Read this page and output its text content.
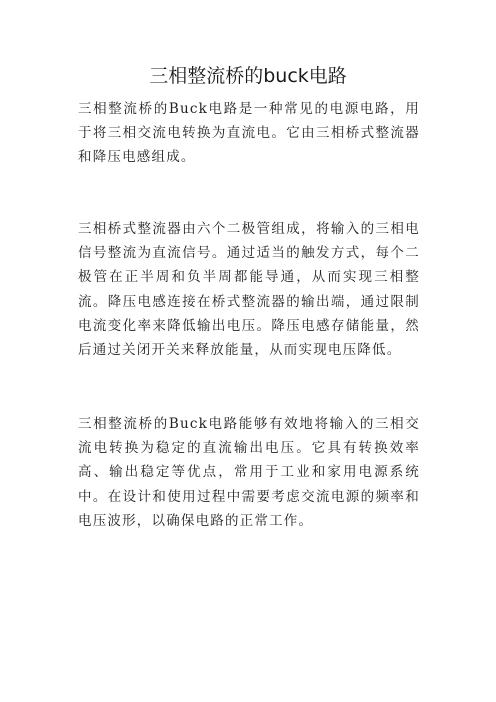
三相整流桥的buck电路

三相整流桥的Buck电路是一种常见的电源电路，用于将三相交流电转换为直流电。它由三相桥式整流器和降压电感组成。

三相桥式整流器由六个二极管组成，将输入的三相电信号整流为直流信号。通过适当的触发方式，每个二极管在正半周和负半周都能导通，从而实现三相整流。降压电感连接在桥式整流器的输出端，通过限制电流变化率来降低输出电压。降压电感存储能量，然后通过关闭开关来释放能量，从而实现电压降低。

三相整流桥的Buck电路能够有效地将输入的三相交流电转换为稳定的直流输出电压。它具有转换效率高、输出稳定等优点，常用于工业和家用电源系统中。在设计和使用过程中需要考虑交流电源的频率和电压波形，以确保电路的正常工作。
